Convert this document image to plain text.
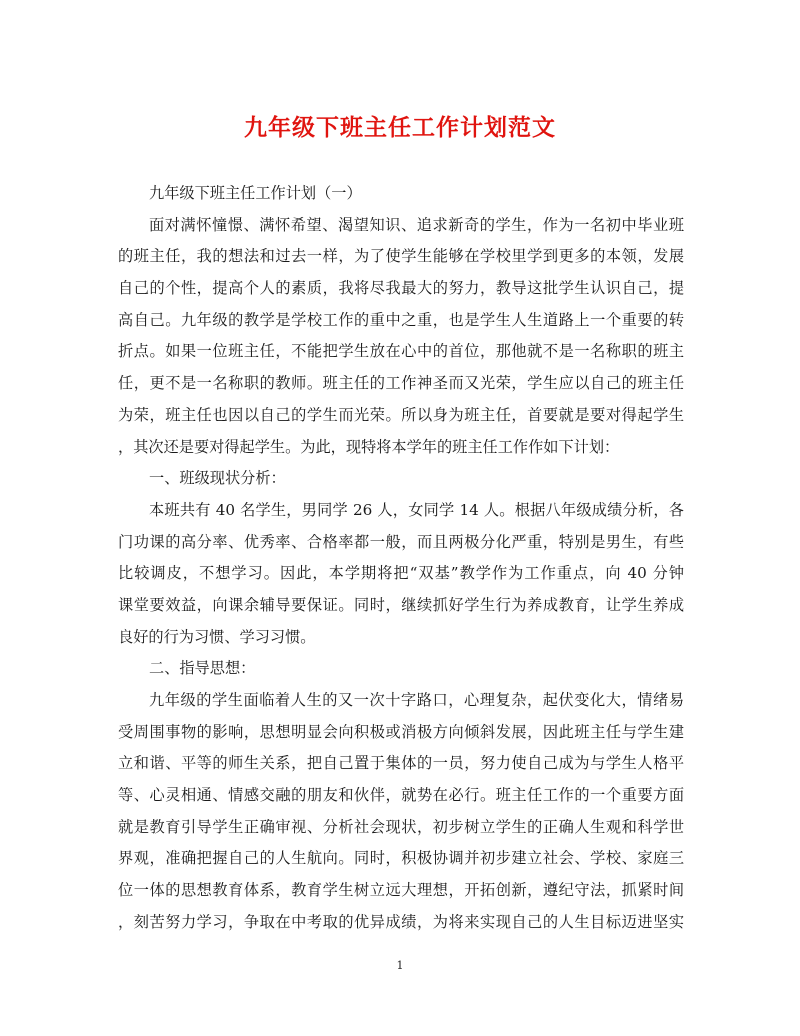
九年级下班主任工作计划范文
九年级下班主任工作计划（一）
面对满怀憧憬、满怀希望、渴望知识、追求新奇的学生，作为一名初中毕业班
的班主任，我的想法和过去一样，为了使学生能够在学校里学到更多的本领，发展
自己的个性，提高个人的素质，我将尽我最大的努力，教导这批学生认识自己，提
高自己。九年级的教学是学校工作的重中之重，也是学生人生道路上一个重要的转
折点。如果一位班主任，不能把学生放在心中的首位，那他就不是一名称职的班主
任，更不是一名称职的教师。班主任的工作神圣而又光荣，学生应以自己的班主任
为荣，班主任也因以自己的学生而光荣。所以身为班主任，首要就是要对得起学生
，其次还是要对得起学生。为此，现特将本学年的班主任工作作如下计划：
一、班级现状分析：
本班共有 40 名学生，男同学 26 人，女同学 14 人。根据八年级成绩分析，各
门功课的高分率、优秀率、合格率都一般，而且两极分化严重，特别是男生，有些
比较调皮，不想学习。因此，本学期将把“双基”教学作为工作重点，向 40 分钟
课堂要效益，向课余辅导要保证。同时，继续抓好学生行为养成教育，让学生养成
良好的行为习惯、学习习惯。
二、指导思想：
九年级的学生面临着人生的又一次十字路口，心理复杂，起伏变化大，情绪易
受周围事物的影响，思想明显会向积极或消极方向倾斜发展，因此班主任与学生建
立和谐、平等的师生关系，把自己置于集体的一员，努力使自己成为与学生人格平
等、心灵相通、情感交融的朋友和伙伴，就势在必行。班主任工作的一个重要方面
就是教育引导学生正确审视、分析社会现状，初步树立学生的正确人生观和科学世
界观，准确把握自己的人生航向。同时，积极协调并初步建立社会、学校、家庭三
位一体的思想教育体系，教育学生树立远大理想，开拓创新，遵纪守法，抓紧时间
，刻苦努力学习，争取在中考取的优异成绩，为将来实现自己的人生目标迈进坚实
1
